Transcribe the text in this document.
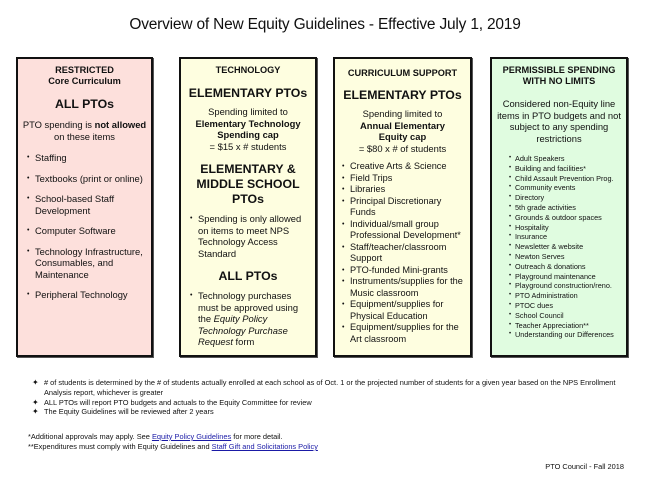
Overview of New Equity Guidelines - Effective July 1, 2019
RESTRICTED
Core Curriculum
ALL PTOs
PTO spending is not allowed on these items
• Staffing
• Textbooks (print or online)
• School-based Staff Development
• Computer Software
• Technology Infrastructure, Consumables, and Maintenance
• Peripheral Technology
TECHNOLOGY
ELEMENTARY PTOs
Spending limited to
Elementary Technology Spending cap
= $15 x # students
ELEMENTARY & MIDDLE SCHOOL PTOs
• Spending is only allowed on items to meet NPS Technology Access Standard
ALL PTOs
• Technology purchases must be approved using the Equity Policy Technology Purchase Request form
CURRICULUM SUPPORT
ELEMENTARY PTOs
Spending limited to
Annual Elementary Equity cap
= $80 x # of students
• Creative Arts & Science
• Field Trips
• Libraries
• Principal Discretionary Funds
• Individual/small group Professional Development*
• Staff/teacher/classroom Support
• PTO-funded Mini-grants
• Instruments/supplies for the Music classroom
• Equipment/supplies for Physical Education
• Equipment/supplies for the Art classroom
PERMISSIBLE SPENDING
WITH NO LIMITS
Considered non-Equity line items in PTO budgets and not subject to any spending restrictions
• Adult Speakers
• Building and facilities*
• Child Assault Prevention Prog.
• Community events
• Directory
• 5th grade activities
• Grounds & outdoor spaces
• Hospitality
• Insurance
• Newsletter & website
• Newton Serves
• Outreach & donations
• Playground maintenance
• Playground construction/reno.
• PTO Administration
• PTOC dues
• School Council
• Teacher Appreciation**
• Understanding our Differences
✦ # of students is determined by the # of students actually enrolled at each school as of Oct. 1 or the projected number of students for a given year based on the NPS Enrollment Analysis report, whichever is greater
✦ ALL PTOs will report PTO budgets and actuals to the Equity Committee for review
✦ The Equity Guidelines will be reviewed after 2 years
*Additional approvals may apply. See Equity Policy Guidelines for more detail.
**Expenditures must comply with Equity Guidelines and Staff Gift and Solicitations Policy
PTO Council - Fall 2018
